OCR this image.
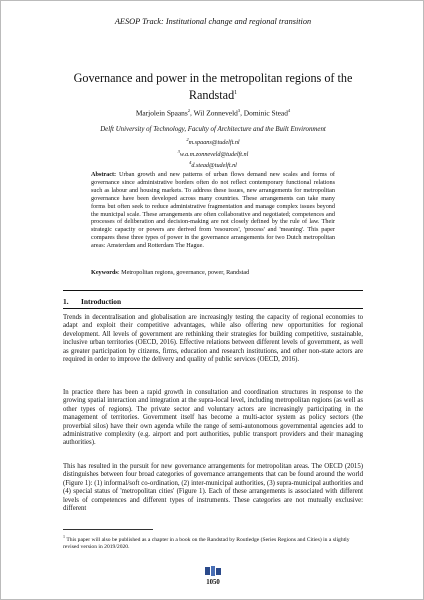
AESOP Track: Institutional change and regional transition
Governance and power in the metropolitan regions of the Randstad$^1$
Marjolein Spaans$^2$, Wil Zonneveld$^3$, Dominic Stead$^4$
Delft University of Technology, Faculty of Architecture and the Built Environment
$^2$m.spaans@tudelft.nl
$^3$w.a.m.zonneveld@tudelft.nl
$^4$d.stead@tudelft.nl
Abstract: Urban growth and new patterns of urban flows demand new scales and forms of governance since administrative borders often do not reflect contemporary functional relations such as labour and housing markets. To address these issues, new arrangements for metropolitan governance have been developed across many countries. These arrangements can take many forms but often seek to reduce administrative fragmentation and manage complex issues beyond the municipal scale. These arrangements are often collaborative and negotiated; competences and processes of deliberation and decision-making are not closely defined by the rule of law. Their strategic capacity or powers are derived from 'resources', 'process' and 'meaning'. This paper compares these three types of power in the governance arrangements for two Dutch metropolitan areas: Amsterdam and Rotterdam The Hague.
Keywords: Metropolitan regions, governance, power, Randstad
1. Introduction
Trends in decentralisation and globalisation are increasingly testing the capacity of regional economies to adapt and exploit their competitive advantages, while also offering new opportunities for regional development. All levels of government are rethinking their strategies for building competitive, sustainable, inclusive urban territories (OECD, 2016). Effective relations between different levels of government, as well as greater participation by citizens, firms, education and research institutions, and other non-state actors are required in order to improve the delivery and quality of public services (OECD, 2016).
In practice there has been a rapid growth in consultation and coordination structures in response to the growing spatial interaction and integration at the supra-local level, including metropolitan regions (as well as other types of regions). The private sector and voluntary actors are increasingly participating in the management of territories. Government itself has become a multi-actor system as policy sectors (the proverbial silos) have their own agenda while the range of semi-autonomous governmental agencies add to administrative complexity (e.g. airport and port authorities, public transport providers and their managing authorities).
This has resulted in the pursuit for new governance arrangements for metropolitan areas. The OECD (2015) distinguishes between four broad categories of governance arrangements that can be found around the world (Figure 1): (1) informal/soft co-ordination, (2) inter-municipal authorities, (3) supra-municipal authorities and (4) special status of 'metropolitan cities' (Figure 1). Each of these arrangements is associated with different levels of competences and different types of instruments. These categories are not mutually exclusive: different
$^1$ This paper will also be published as a chapter in a book on the Randstad by Routledge (Series Regions and Cities) in a slightly revised version in 2019/2020.
1050
